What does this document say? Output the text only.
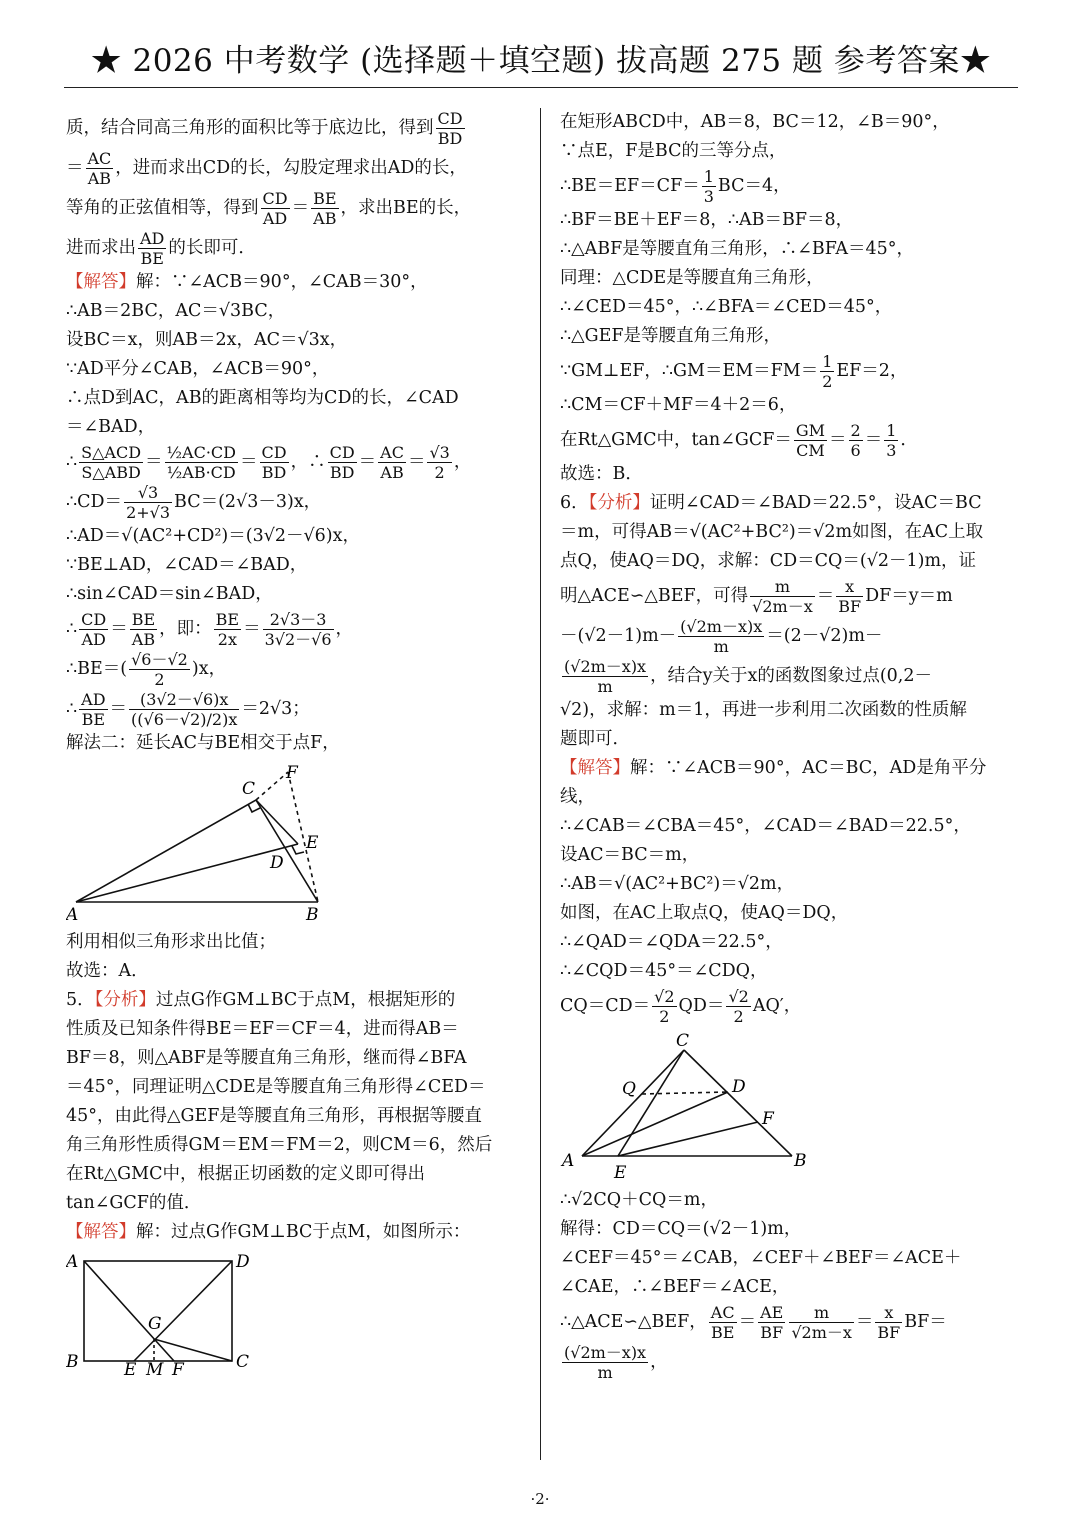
★ 2026 中考数学 (选择题＋填空题) 拔高题 275 题 参考答案★

质，结合同高三角形的面积比等于底边比，得到 $\frac{CD}{BD}$

＝ $\frac{AC}{AB}$ ，进而求出CD的长，勾股定理求出AD的长，

等角的正弦值相等，得到 $\frac{CD}{AD} = \frac{BE}{AB}$ ，求出BE的长，

进而求出 $\frac{AD}{BE}$ 的长即可．

【解答】解：∵∠ACB＝90°，∠CAB＝30°，

∴AB＝2BC，AC＝√3BC，

设BC＝x，则AB＝2x，AC＝√3x，

∵AD平分∠CAB，∠ACB＝90°，

∴点D到AC，AB的距离相等均为CD的长，∠CAD

＝∠BAD，

∴ $\frac{\text{S△ACD}}{\text{S△ABD}} = \frac{\text{½AC·CD}}{\text{½AB·CD}} = \frac{CD}{BD}$ ，∴ $\frac{CD}{BD} = \frac{AC}{AB} = \frac{√3}{2}$ ，

∴CD＝ $\frac{√3}{2+√3} BC=(2√3-3)x$，

∴AD＝√(AC²+CD²)＝(3√2－√6)x，

∵BE⊥AD，∠CAD＝∠BAD，

∴sin∠CAD＝sin∠BAD，

∴ $\frac{CD}{AD} = \frac{BE}{AB}$ ，即： $\frac{BE}{2x} = \frac{2√3-3}{3√2-√6}$ ，

∴BE＝( $\frac{√6-√2}{2} )x$，

∴ $\frac{AD}{BE} = \frac{(3√2-√6)x}{((√6-√2)/2)x} =2√3$；

解法二：延长AC与BE相交于点F，

A	B
C
F
E
D

利用相似三角形求出比值；

故选：A．

5．【分析】过点G作GM⊥BC于点M，根据矩形的

性质及已知条件得BE＝EF＝CF＝4，进而得AB＝

BF＝8，则△ABF是等腰直角三角形，继而得∠BFA

＝45°，同理证明△CDE是等腰直角三角形得∠CED＝

45°，由此得△GEF是等腰直角三角形，再根据等腰直

角三角形性质得GM＝EM＝FM＝2，则CM＝6，然后

在Rt△GMC中，根据正切函数的定义即可得出

tan∠GCF的值．

【解答】解：过点G作GM⊥BC于点M，如图所示：

A	D
B	C
G
E M F

在矩形ABCD中，AB＝8，BC＝12，∠B＝90°，

∵点E，F是BC的三等分点，

∴BE＝EF＝CF＝ $\frac{1}{3} BC=4$，

∴BF＝BE＋EF＝8，∴AB＝BF＝8，

∴△ABF是等腰直角三角形，∴∠BFA＝45°，

同理：△CDE是等腰直角三角形，

∴∠CED＝45°，∴∠BFA＝∠CED＝45°，

∴△GEF是等腰直角三角形，

∵GM⊥EF，∴GM＝EM＝FM＝ $\frac{1}{2} EF=2$，

∴CM＝CF＋MF＝4＋2＝6，

在Rt△GMC中，tan∠GCF＝ $\frac{GM}{CM} = \frac{2}{6} = \frac{1}{3}$ ．

故选：B．

6．【分析】证明∠CAD＝∠BAD＝22.5°，设AC＝BC

＝m，可得AB＝√(AC²+BC²)＝√2m如图，在AC上取

点Q，使AQ＝DQ，求解：CD＝CQ＝(√2－1)m，证

明△ACE∽△BEF，可得 $\frac{m}{√2m-x} = \frac{x}{BF} DF=y=m$

$-(√2-1)m- \frac{(√2m-x)x}{m} =(2-√2)m-$

$\frac{(√2m-x)x}{m}$ ，结合y关于x的函数图象过点(0,2－

√2)，求解：m＝1，再进一步利用二次函数的性质解

题即可．

【解答】解：∵∠ACB＝90°，AC＝BC，AD是角平分

线，

∴∠CAB＝∠CBA＝45°，∠CAD＝∠BAD＝22.5°，

设AC＝BC＝m，

∴AB＝√(AC²+BC²)＝√2m，

如图，在AC上取点Q，使AQ＝DQ，

∴∠QAD＝∠QDA＝22.5°，

∴∠CQD＝45°＝∠CDQ，

$CQ=CD= \frac{√2}{2} QD= \frac{√2}{2} AQ'$，

C
Q	D
F
A
E
B

∴√2CQ＋CQ＝m，

解得：CD＝CQ＝(√2－1)m，

∠CEF＝45°＝∠CAB，∠CEF＋∠BEF＝∠ACE＋

∠CAE，∴∠BEF＝∠ACE，

∴△ACE∽△BEF， $\frac{AC}{BE} = \frac{AE}{BF} \frac{m}{√2m-x} = \frac{x}{BF} BF=$

$\frac{(√2m-x)x}{m}$ ，

·2·
